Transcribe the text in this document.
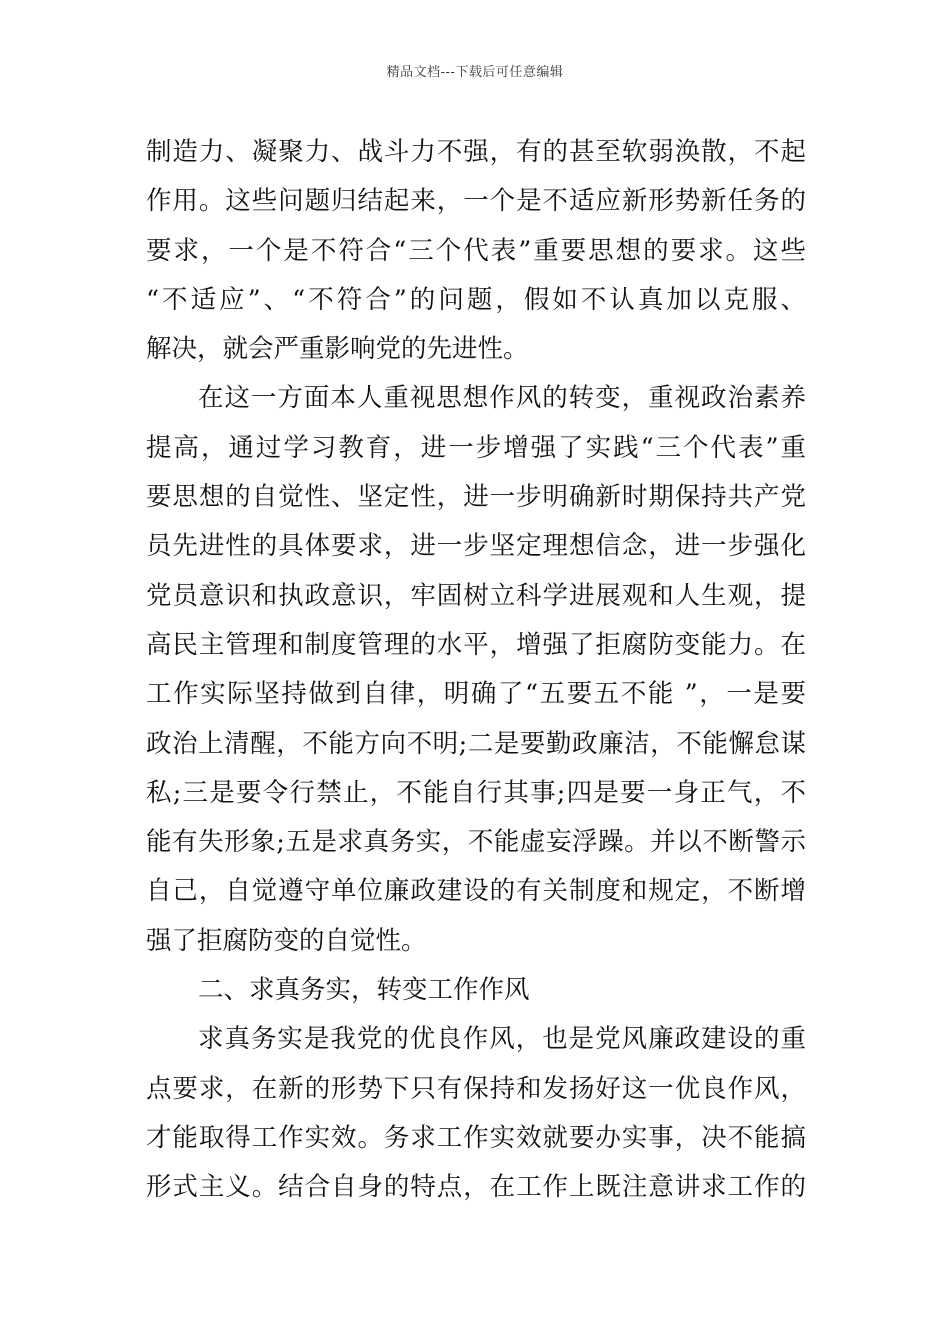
精品文档---下载后可任意编辑
制造力、凝聚力、战斗力不强，有的甚至软弱涣散，不起
作用。这些问题归结起来，一个是不适应新形势新任务的
要求，一个是不符合“三个代表”重要思想的要求。这些
“不适应”、“不符合”的问题，假如不认真加以克服、
解决，就会严重影响党的先进性。
在这一方面本人重视思想作风的转变，重视政治素养
提高，通过学习教育，进一步增强了实践“三个代表”重
要思想的自觉性、坚定性，进一步明确新时期保持共产党
员先进性的具体要求，进一步坚定理想信念，进一步强化
党员意识和执政意识，牢固树立科学进展观和人生观，提
高民主管理和制度管理的水平，增强了拒腐防变能力。在
工作实际坚持做到自律，明确了“五要五不能 ”，一是要
政治上清醒，不能方向不明;二是要勤政廉洁，不能懈怠谋
私;三是要令行禁止，不能自行其事;四是要一身正气，不
能有失形象;五是求真务实，不能虚妄浮躁。并以不断警示
自己，自觉遵守单位廉政建设的有关制度和规定，不断增
强了拒腐防变的自觉性。
二、求真务实，转变工作作风
求真务实是我党的优良作风，也是党风廉政建设的重
点要求，在新的形势下只有保持和发扬好这一优良作风，
才能取得工作实效。务求工作实效就要办实事，决不能搞
形式主义。结合自身的特点，在工作上既注意讲求工作的
